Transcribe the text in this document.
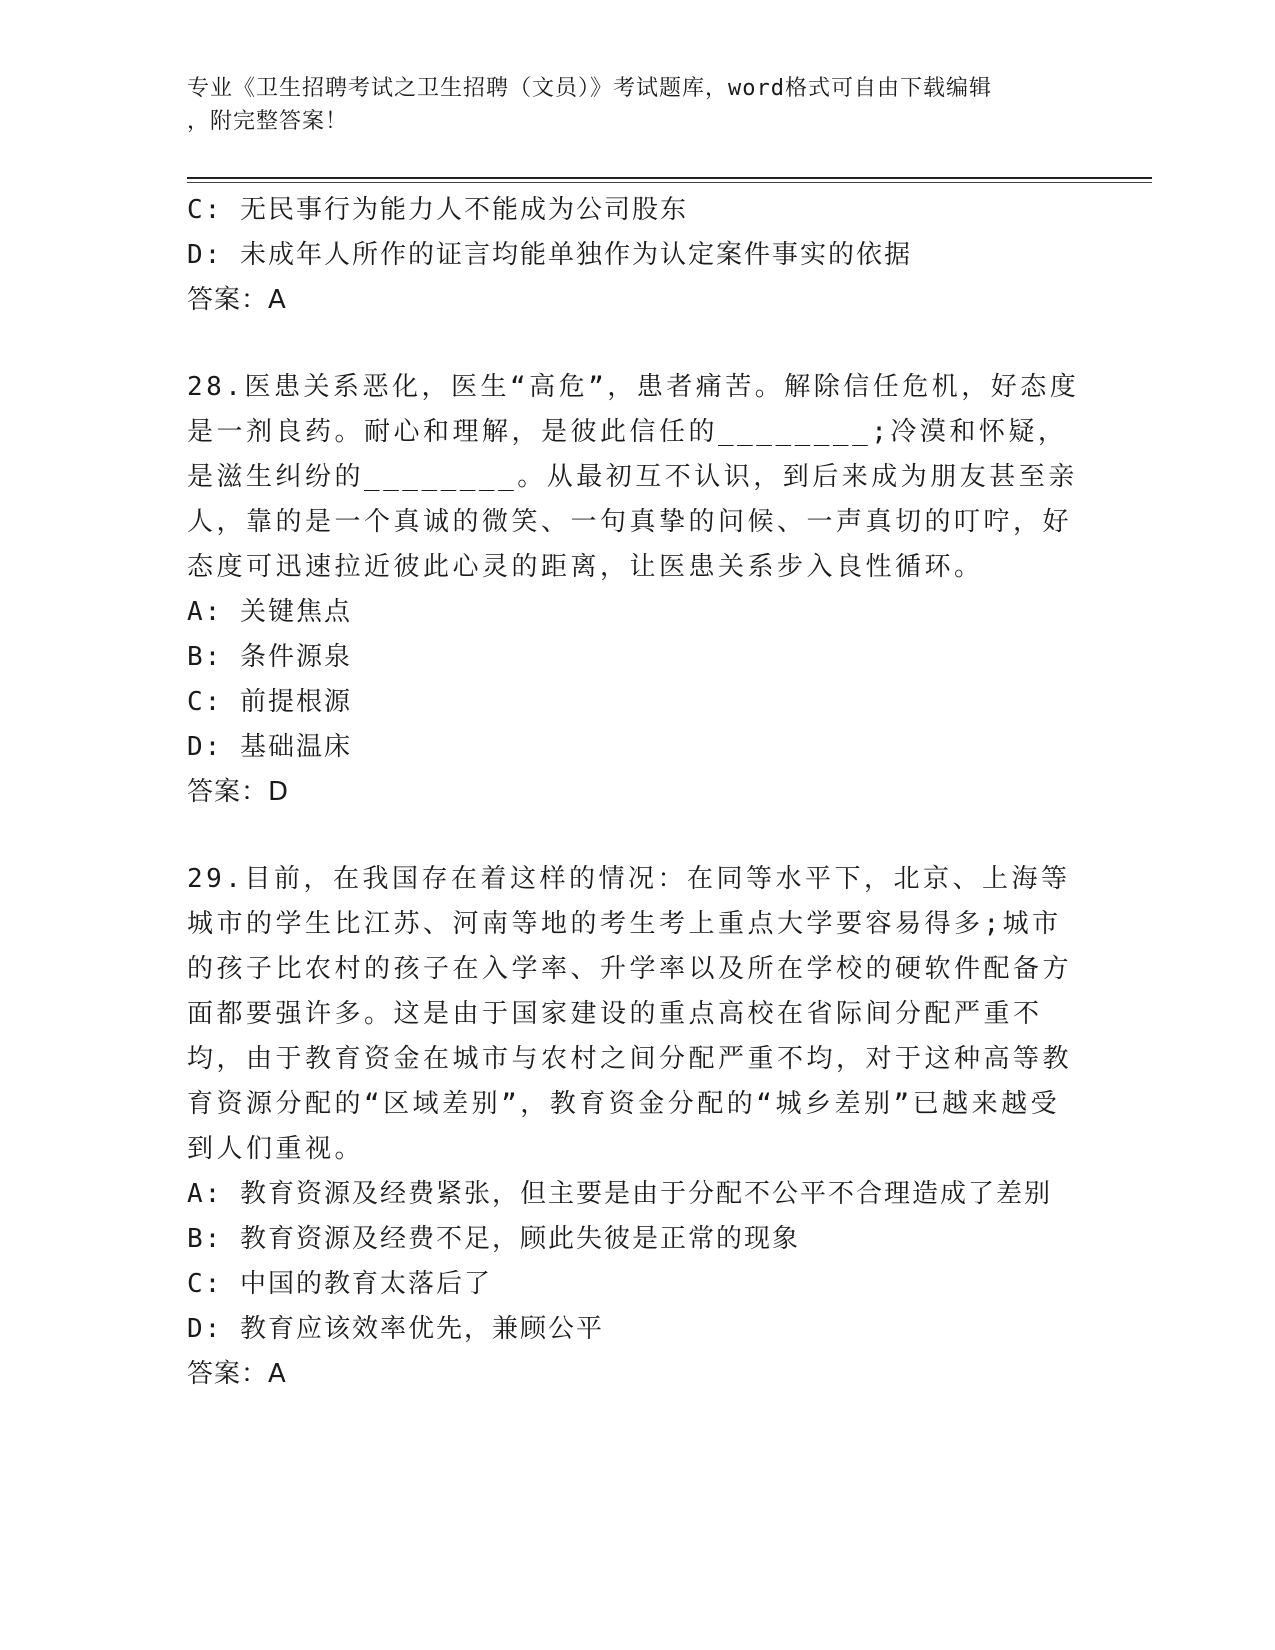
专业《卫生招聘考试之卫生招聘（文员）》考试题库，word格式可自由下载编辑
，附完整答案！
C: 无民事行为能力人不能成为公司股东
D: 未成年人所作的证言均能单独作为认定案件事实的依据
答案：A
28.医患关系恶化，医生“高危”，患者痛苦。解除信任危机，好态度是一剂良药。耐心和理解，是彼此信任的________;冷漠和怀疑，是滋生纠纷的________。从最初互不认识，到后来成为朋友甚至亲人，靠的是一个真诚的微笑、一句真挚的问候、一声真切的叮咛，好态度可迅速拉近彼此心灵的距离，让医患关系步入良性循环。
A: 关键焦点
B: 条件源泉
C: 前提根源
D: 基础温床
答案：D
29.目前，在我国存在着这样的情况：在同等水平下，北京、上海等城市的学生比江苏、河南等地的考生考上重点大学要容易得多;城市的孩子比农村的孩子在入学率、升学率以及所在学校的硬软件配备方面都要强许多。这是由于国家建设的重点高校在省际间分配严重不均，由于教育资金在城市与农村之间分配严重不均，对于这种高等教育资源分配的“区域差别”，教育资金分配的“城乡差别”已越来越受到人们重视。
A: 教育资源及经费紧张，但主要是由于分配不公平不合理造成了差别
B: 教育资源及经费不足，顾此失彼是正常的现象
C: 中国的教育太落后了
D: 教育应该效率优先，兼顾公平
答案：A
